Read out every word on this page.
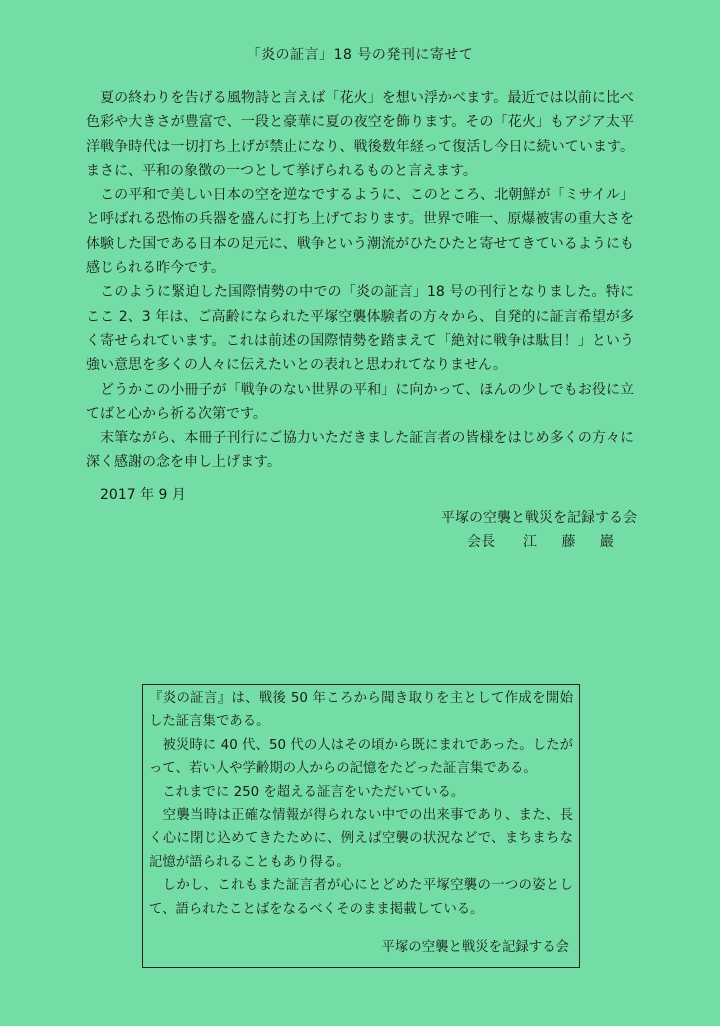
「炎の証言」18 号の発刊に寄せて

　夏の終わりを告げる風物詩と言えば「花火」を想い浮かべます。最近では以前に比べ色彩や大きさが豊富で、一段と豪華に夏の夜空を飾ります。その「花火」もアジア太平洋戦争時代は一切打ち上げが禁止になり、戦後数年経って復活し今日に続いています。まさに、平和の象徴の一つとして挙げられるものと言えます。

　この平和で美しい日本の空を逆なでするように、このところ、北朝鮮が「ミサイル」と呼ばれる恐怖の兵器を盛んに打ち上げております。世界で唯一、原爆被害の重大さを体験した国である日本の足元に、戦争という潮流がひたひたと寄せてきているようにも感じられる昨今です。

　このように緊迫した国際情勢の中での「炎の証言」18 号の刊行となりました。特にここ 2、3 年は、ご高齢になられた平塚空襲体験者の方々から、自発的に証言希望が多く寄せられています。これは前述の国際情勢を踏まえて「絶対に戦争は駄目！」という強い意思を多くの人々に伝えたいとの表れと思われてなりません。

　どうかこの小冊子が「戦争のない世界の平和」に向かって、ほんの少しでもお役に立てばと心から祈る次第です。

　末筆ながら、本冊子刊行にご協力いただきました証言者の皆様をはじめ多くの方々に深く感謝の念を申し上げます。

2017 年 9 月
平塚の空襲と戦災を記録する会
会長 江 藤 巖

『炎の証言』は、戦後 50 年ころから聞き取りを主として作成を開始した証言集である。

　被災時に 40 代、50 代の人はその頃から既にまれであった。したがって、若い人や学齢期の人からの記憶をたどった証言集である。

　これまでに 250 を超える証言をいただいている。

　空襲当時は正確な情報が得られない中での出来事であり、また、長く心に閉じ込めてきたために、例えば空襲の状況などで、まちまちな記憶が語られることもあり得る。

　しかし、これもまた証言者が心にとどめた平塚空襲の一つの姿として、語られたことばをなるべくそのまま掲載している。

平塚の空襲と戦災を記録する会
